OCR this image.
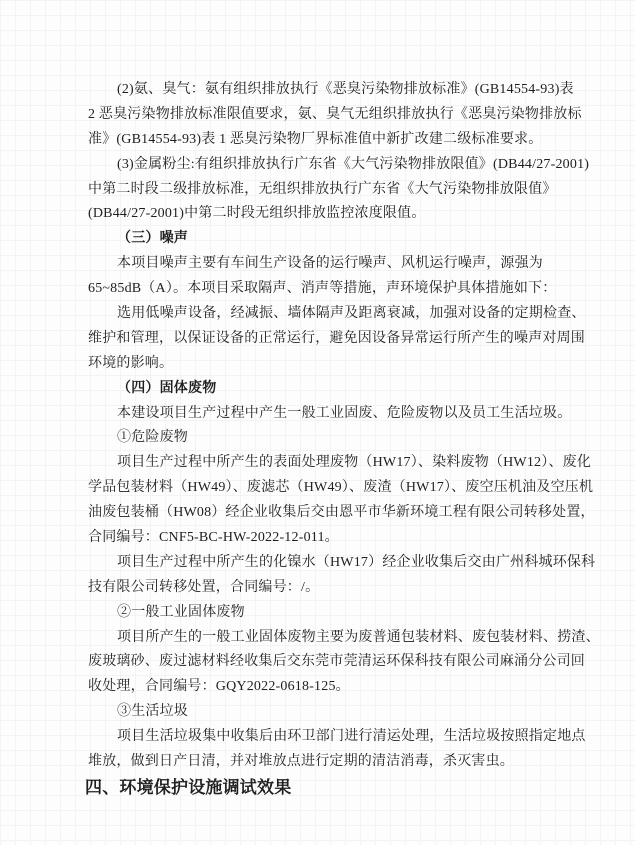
(2)氨、臭气：氨有组织排放执行《恶臭污染物排放标准》(GB14554-93)表
2 恶臭污染物排放标准限值要求，氨、臭气无组织排放执行《恶臭污染物排放标
准》(GB14554-93)表 1 恶臭污染物厂界标准值中新扩改建二级标准要求。
(3)金属粉尘:有组织排放执行广东省《大气污染物排放限值》(DB44/27-2001)
中第二时段二级排放标准，无组织排放执行广东省《大气污染物排放限值》
(DB44/27-2001)中第二时段无组织排放监控浓度限值。
（三）噪声
本项目噪声主要有车间生产设备的运行噪声、风机运行噪声，源强为
65~85dB（A）。本项目采取隔声、消声等措施，声环境保护具体措施如下：
选用低噪声设备，经减振、墙体隔声及距离衰减，加强对设备的定期检查、
维护和管理，以保证设备的正常运行，避免因设备异常运行所产生的噪声对周围
环境的影响。
（四）固体废物
本建设项目生产过程中产生一般工业固废、危险废物以及员工生活垃圾。
①危险废物
项目生产过程中所产生的表面处理废物（HW17）、染料废物（HW12）、废化
学品包装材料（HW49）、废滤芯（HW49）、废渣（HW17）、废空压机油及空压机
油废包装桶（HW08）经企业收集后交由恩平市华新环境工程有限公司转移处置，
合同编号：CNF5-BC-HW-2022-12-011。
项目生产过程中所产生的化镍水（HW17）经企业收集后交由广州科城环保科
技有限公司转移处置，合同编号：/。
②一般工业固体废物
项目所产生的一般工业固体废物主要为废普通包装材料、废包装材料、捞渣、
废玻璃砂、废过滤材料经收集后交东莞市莞清运环保科技有限公司麻涌分公司回
收处理，合同编号：GQY2022-0618-125。
③生活垃圾
项目生活垃圾集中收集后由环卫部门进行清运处理，生活垃圾按照指定地点
堆放，做到日产日清，并对堆放点进行定期的清洁消毒，杀灭害虫。
四、环境保护设施调试效果
